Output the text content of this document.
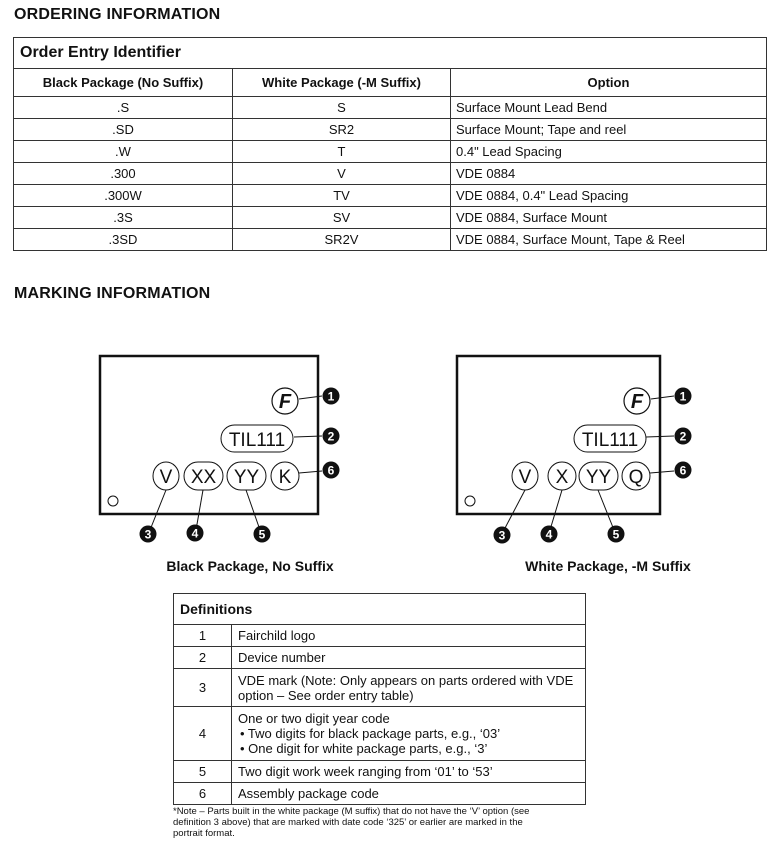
ORDERING INFORMATION
Order Entry Identifier		
Black Package (No Suffix)	White Package (-M Suffix)	Option
.S	S	Surface Mount Lead Bend
.SD	SR2	Surface Mount; Tape and reel
.W	T	0.4" Lead Spacing
.300	V	VDE 0884
.300W	TV	VDE 0884, 0.4" Lead Spacing
.3S	SV	VDE 0884, Surface Mount
.3SD	SR2V	VDE 0884, Surface Mount, Tape & Reel
MARKING INFORMATION
F
TIL111
V XX YY K
1
2
6
3	4	5
Black Package, No Suffix
F
TIL111
V X YY Q
1
2
6
3	4	5
White Package, -M Suffix
Definitions	
1	Fairchild logo
2	Device number
3	VDE mark (Note: Only appears on parts ordered with VDE
option – See order entry table)

4	One or two digit year code
• Two digits for black package parts, e.g., ‘03’
• One digit for white package parts, e.g., ‘3’

5	Two digit work week ranging from ‘01’ to ‘53’
6	Assembly package code
*Note – Parts built in the white package (M suffix) that do not have the ‘V’ option (see
definition 3 above) that are marked with date code ‘325’ or earlier are marked in the
portrait format.
